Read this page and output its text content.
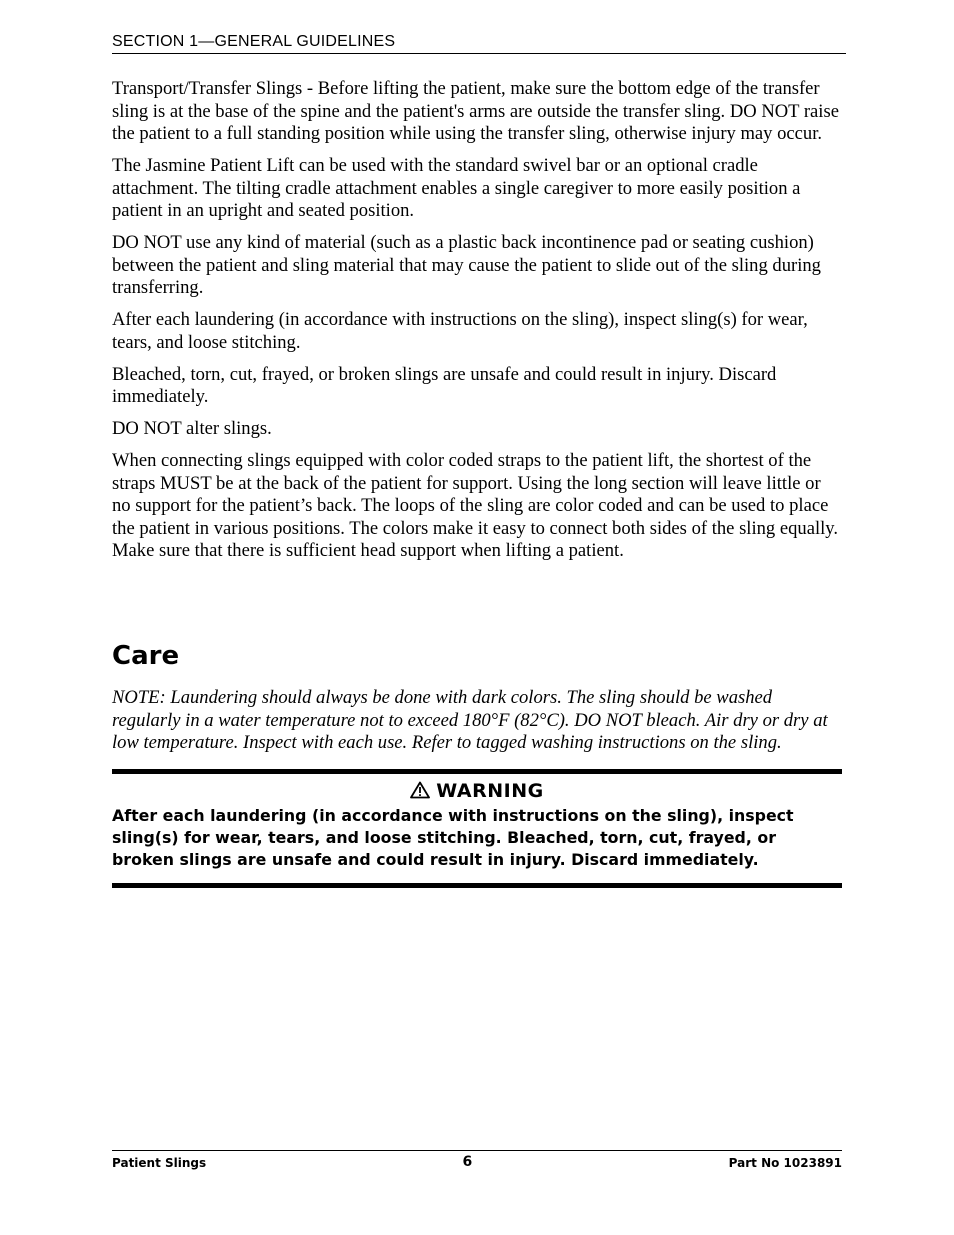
SECTION 1—GENERAL GUIDELINES

Transport/Transfer Slings - Before lifting the patient, make sure the bottom edge of the transfer sling is at the base of the spine and the patient's arms are outside the transfer sling. DO NOT raise the patient to a full standing position while using the transfer sling, otherwise injury may occur.

The Jasmine Patient Lift can be used with the standard swivel bar or an optional cradle attachment. The tilting cradle attachment enables a single caregiver to more easily position a patient in an upright and seated position.

DO NOT use any kind of material (such as a plastic back incontinence pad or seating cushion) between the patient and sling material that may cause the patient to slide out of the sling during transferring.

After each laundering (in accordance with instructions on the sling), inspect sling(s) for wear, tears, and loose stitching.

Bleached, torn, cut, frayed, or broken slings are unsafe and could result in injury. Discard immediately.

DO NOT alter slings.

When connecting slings equipped with color coded straps to the patient lift, the shortest of the straps MUST be at the back of the patient for support. Using the long section will leave little or no support for the patient’s back. The loops of the sling are color coded and can be used to place the patient in various positions. The colors make it easy to connect both sides of the sling equally. Make sure that there is sufficient head support when lifting a patient.

Care

NOTE: Laundering should always be done with dark colors. The sling should be washed regularly in a water temperature not to exceed 180°F (82°C). DO NOT bleach. Air dry or dry at low temperature. Inspect with each use. Refer to tagged washing instructions on the sling.

WARNING

After each laundering (in accordance with instructions on the sling), inspect sling(s) for wear, tears, and loose stitching. Bleached, torn, cut, frayed, or broken slings are unsafe and could result in injury. Discard immediately.

Patient Slings	6	Part No 1023891
